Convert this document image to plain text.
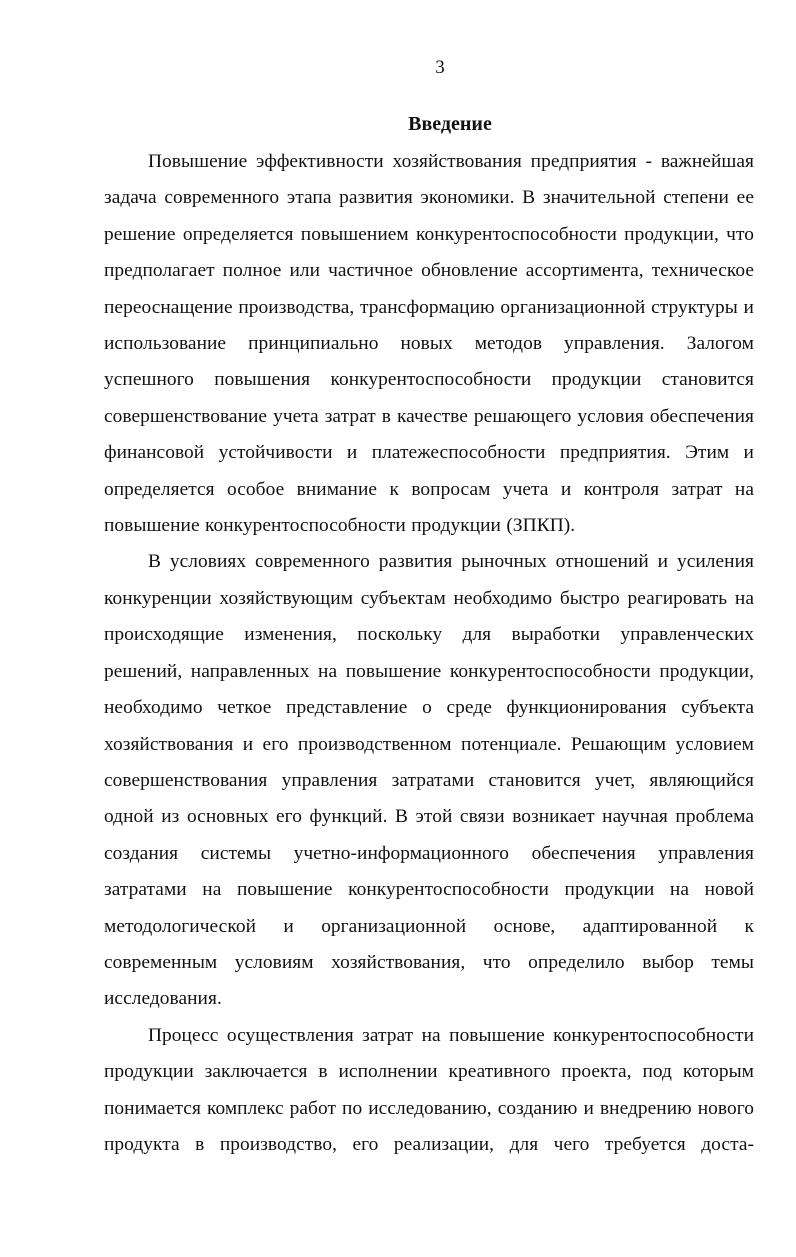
3
Введение

Повышение эффективности хозяйствования предприятия - важнейшая задача современного этапа развития экономики. В значительной степени ее решение определяется повышением конкурентоспособности продукции, что предполагает полное или частичное обновление ассортимента, техническое переоснащение производства, трансформацию организационной структуры и использование принципиально новых методов управления. Залогом успешного повышения конкурентоспособности продукции становится совершенствование учета затрат в качестве решающего условия обеспечения финансовой устойчивости и платежеспособности предприятия. Этим и определяется особое внимание к вопросам учета и контроля затрат на повышение конкурентоспособности продукции (ЗПКП).

В условиях современного развития рыночных отношений и усиления конкуренции хозяйствующим субъектам необходимо быстро реагировать на происходящие изменения, поскольку для выработки управленческих решений, направленных на повышение конкурентоспособности продукции, необходимо четкое представление о среде функционирования субъекта хозяйствования и его производственном потенциале. Решающим условием совершенствования управления затратами становится учет, являющийся одной из основных его функций. В этой связи возникает научная проблема создания системы учетно-информационного обеспечения управления затратами на повышение конкурентоспособности продукции на новой методологической и организационной основе, адаптированной к современным условиям хозяйствования, что определило выбор темы исследования.

Процесс осуществления затрат на повышение конкурентоспособности продукции заключается в исполнении креативного проекта, под которым понимается комплекс работ по исследованию, созданию и внедрению нового продукта в производство, его реализации, для чего требуется доста-
